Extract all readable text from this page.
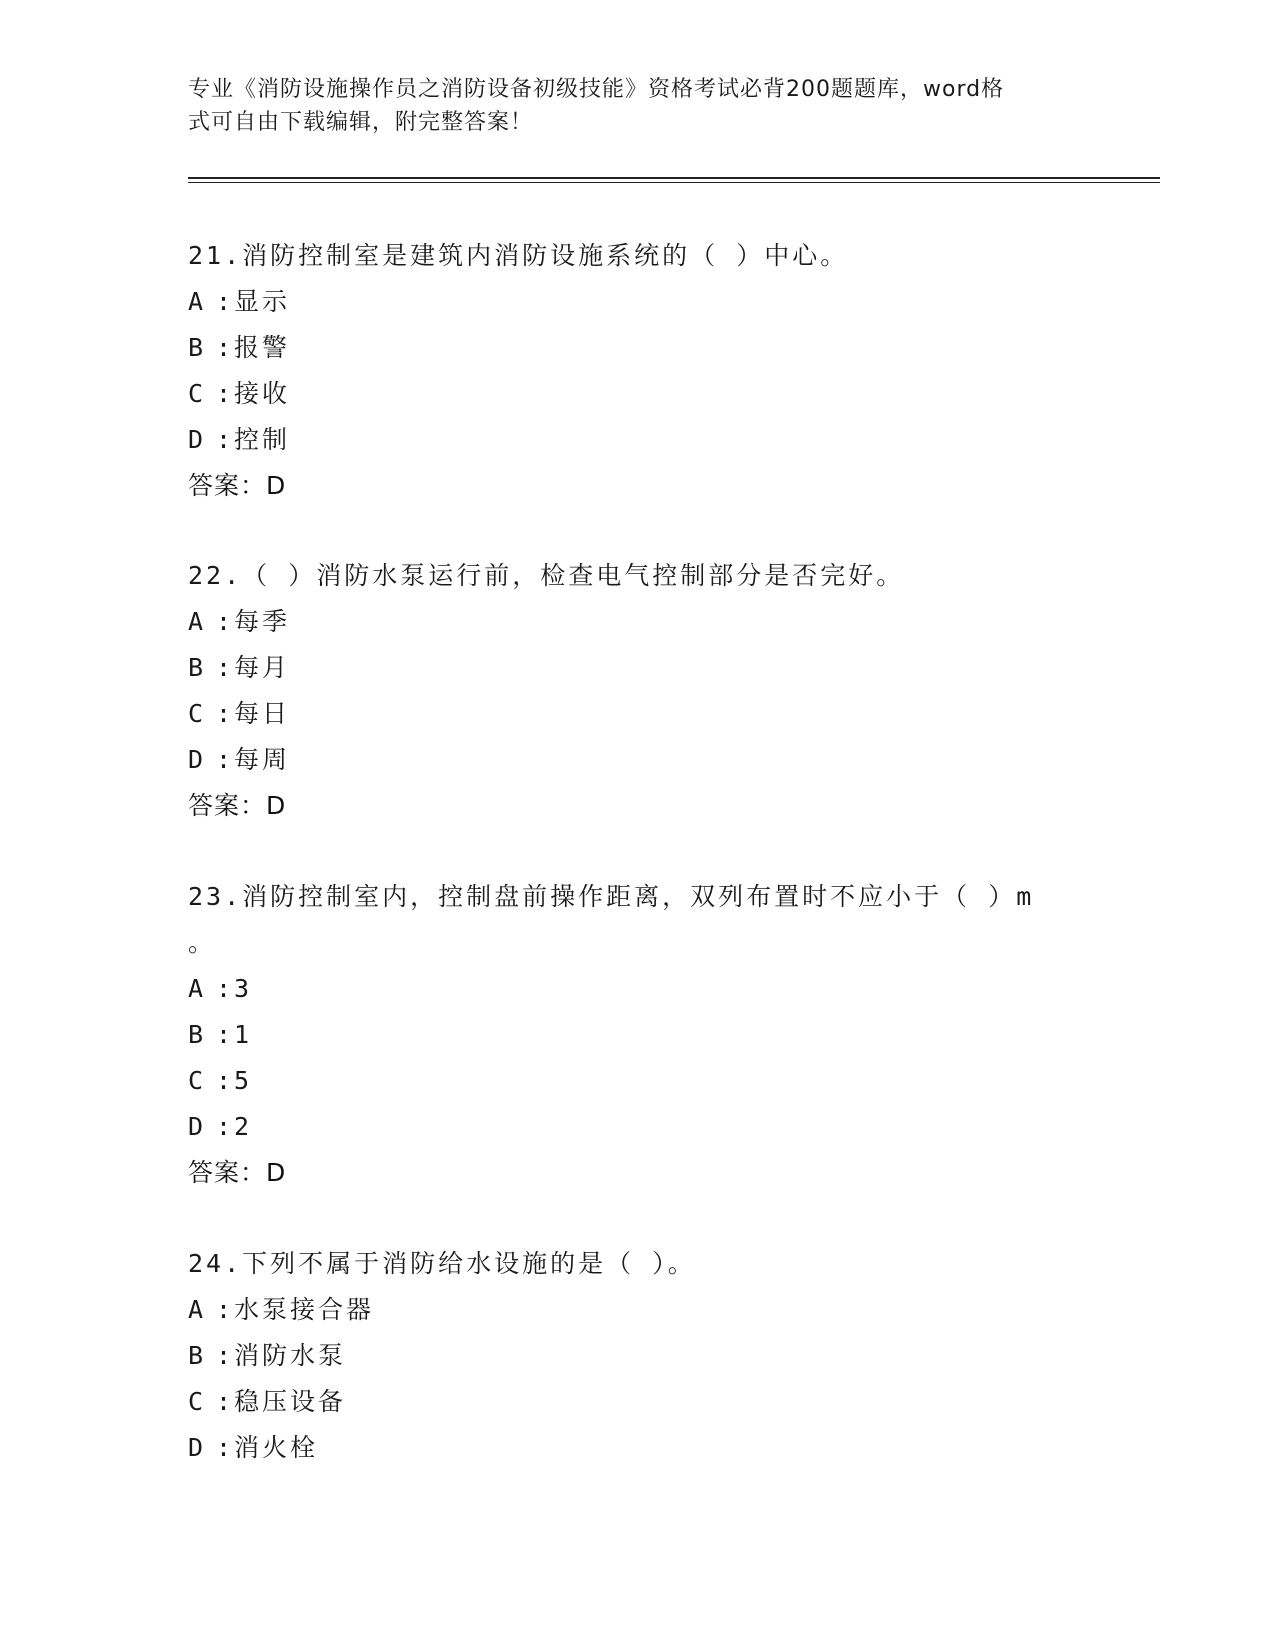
专业《消防设施操作员之消防设备初级技能》资格考试必背200题题库，word格
式可自由下载编辑，附完整答案！
21.消防控制室是建筑内消防设施系统的（ ）中心。
A : 显示
B : 报警
C : 接收
D : 控制
答案：D
22.（ ）消防水泵运行前，检查电气控制部分是否完好。
A : 每季
B : 每月
C : 每日
D : 每周
答案：D
23.消防控制室内，控制盘前操作距离，双列布置时不应小于（ ）m
。
A : 3
B : 1
C : 5
D : 2
答案：D
24.下列不属于消防给水设施的是（ ）。
A : 水泵接合器
B : 消防水泵
C : 稳压设备
D : 消火栓
